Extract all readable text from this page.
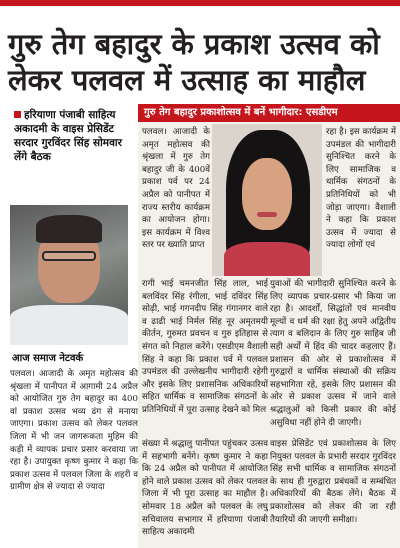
गुरु तेग बहादुर के प्रकाश उत्सव को
लेकर पलवल में उत्साह का माहौल
हरियाणा पंजाबी साहित्य अकादमी के वाइस प्रेसिडेंट सरदार गुरविंदर सिंह सोमवार लेंगे बैठक
आज समाज नेटवर्क
पलवल। आजादी के अमृत महोत्सव की श्रृंखला में पानीपत में आगामी 24 अप्रैल को आयोजित गुरु तेग बहादुर का 400 वां प्रकाश उत्सव भव्य ढंग से मनाया जाएगा। प्रकाश उत्सव को लेकर पलवल जिला में भी जन जागरूकता मुहिम की कड़ी में व्यापक प्रचार प्रसार करवाया जा रहा है। उपायुक्त कृष्ण कुमार ने कहा कि प्रकाश उत्सव में पलवल जिला के शहरी व ग्रामीण क्षेत्र से ज्यादा से ज्यादा
गुरु तेग बहादुर प्रकाशोत्सव में बनें भागीदार: एसडीएम
पलवल। आजादी के अमृत महोत्सव की श्रृंखला में गुरु तेग बहादुर जी के 400वें प्रकाश पर्व पर 24 अप्रैल को पानीपत में राज्य स्तरीय कार्यक्रम का आयोजन होगा। इस कार्यक्रम में विश्व स्तर पर ख्याति प्राप्त
रहा है। इस कार्यक्रम में उपमंडल की भागीदारी सुनिश्चित करने के लिए सामाजिक व धार्मिक संगठनों के प्रतिनिधियों को भी जोड़ा जाएगा। वैशाली ने कहा कि प्रकाश उत्सव में ज्यादा से ज्यादा लोगों एवं
रागी भाई चमनजीत सिंह लाल, भाई बलविंदर सिंह रंगीला, भाई दविंदर सिंह सोढ़ी, भाई गगनदीप सिंह गंगानगर वाले व ढाढी भाई निर्मल सिंह नूर अमृतमयी कीर्तन, गुरुमत प्रवचन व गुरु इतिहास से संगत को निहाल करेंगे। एसडीएम वैशाली सिंह ने कहा कि प्रकाश पर्व में पलवल उपमंडल की उल्लेखनीय भागीदारी रहेगी और इसके लिए प्रशासनिक अधिकारियों सहित धार्मिक व सामाजिक संगठनों के प्रतिनिधियों में पूरा उत्साह देखने को मिल
युवाओं की भागीदारी सुनिश्चित करने के लिए व्यापक प्रचार-प्रसार भी किया जा रहा है। आदर्शों, सिद्धांतों एवं मानवीय मूल्यों व धर्म की रक्षा हेतु अपने अद्वितीय त्याग व बलिदान के लिए गुरु साहिब जी सही अर्थों में हिंद की चादर कहलाए हैं। प्रशासन की ओर से प्रकाशोत्सव में गुरुद्वारों व धार्मिक संस्थाओं की सक्रिय सहभागिता रहे, इसके लिए प्रशासन की ओर से प्रकाश उत्सव में जाने वाले श्रद्धालुओं को किसी प्रकार की कोई असुविधा नहीं होने दी जाएगी।
संख्या में श्रद्धालु पानीपत पहुंचकर उत्सव में सहभागी बनेंगे। कृष्ण कुमार ने कहा कि 24 अप्रैल को पानीपत में आयोजित होने वाले प्रकाश उत्सव को लेकर पलवल जिला में भी पूरा उत्साह का माहौल है। सोमवार 18 अप्रैल को पलवल के लघु सचिवालय सभागार में हरियाणा पंजाबी साहित्य अकादमी
वाइस प्रेसिडेंट एवं प्रकाशोत्सव के लिए नियुक्त पलवल के प्रभारी सरदार गुरविंदर सिंह सभी धार्मिक व सामाजिक संगठनों के साथ ही गुरुद्वारा प्रबंधकों व सम्बंधित अधिकारियों की बैठक लेंगे। बैठक में प्रकाशोत्सव को लेकर की जा रही तैयारियों की जाएगी समीक्षा।
